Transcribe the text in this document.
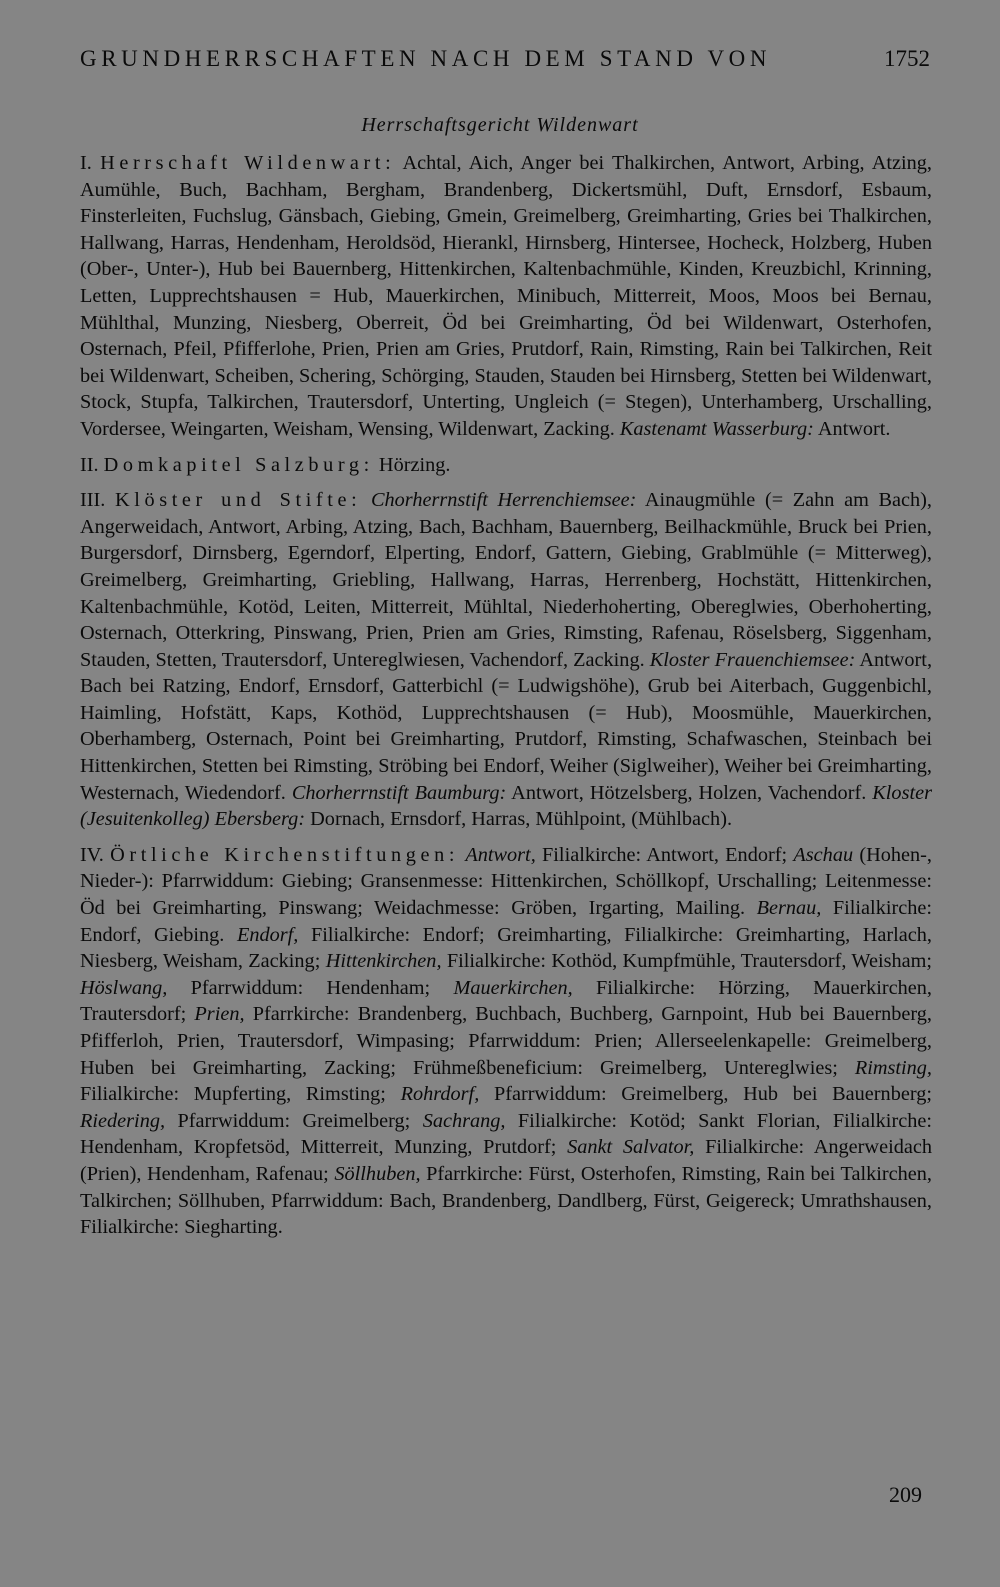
GRUNDHERRSCHAFTEN NACH DEM STAND VON	1752
Herrschaftsgericht Wildenwart

I. Herrschaft Wildenwart: Achtal, Aich, Anger bei Thalkirchen, Antwort, Arbing, Atzing, Aumühle, Buch, Bachham, Bergham, Brandenberg, Dickertsmühl, Duft, Ernsdorf, Esbaum, Finsterleiten, Fuchslug, Gänsbach, Giebing, Gmein, Greimelberg, Greimharting, Gries bei Thalkirchen, Hallwang, Harras, Hendenham, Heroldsöd, Hierankl, Hirnsberg, Hintersee, Hocheck, Holzberg, Huben (Ober-, Unter-), Hub bei Bauernberg, Hittenkirchen, Kaltenbachmühle, Kinden, Kreuzbichl, Krinning, Letten, Lupprechtshausen = Hub, Mauerkirchen, Minibuch, Mitterreit, Moos, Moos bei Bernau, Mühlthal, Munzing, Niesberg, Oberreit, Öd bei Greimharting, Öd bei Wildenwart, Osterhofen, Osternach, Pfeil, Pfifferlohe, Prien, Prien am Gries, Prutdorf, Rain, Rimsting, Rain bei Talkirchen, Reit bei Wildenwart, Scheiben, Schering, Schörging, Stauden, Stauden bei Hirnsberg, Stetten bei Wildenwart, Stock, Stupfa, Talkirchen, Trautersdorf, Unterting, Ungleich (= Stegen), Unterhamberg, Urschalling, Vordersee, Weingarten, Weisham, Wensing, Wildenwart, Zacking. Kastenamt Wasserburg: Antwort.

II. Domkapitel Salzburg: Hörzing.

III. Klöster und Stifte: Chorherrnstift Herrenchiemsee: Ainaugmühle (= Zahn am Bach), Angerweidach, Antwort, Arbing, Atzing, Bach, Bachham, Bauernberg, Beilhackmühle, Bruck bei Prien, Burgersdorf, Dirnsberg, Egerndorf, Elperting, Endorf, Gattern, Giebing, Grablmühle (= Mitterweg), Greimelberg, Greimharting, Griebling, Hallwang, Harras, Herrenberg, Hochstätt, Hittenkirchen, Kaltenbachmühle, Kotöd, Leiten, Mitterreit, Mühltal, Niederhoherting, Obereglwies, Oberhoherting, Osternach, Otterkring, Pinswang, Prien, Prien am Gries, Rimsting, Rafenau, Röselsberg, Siggenham, Stauden, Stetten, Trautersdorf, Untereglwiesen, Vachendorf, Zacking. Kloster Frauenchiemsee: Antwort, Bach bei Ratzing, Endorf, Ernsdorf, Gatterbichl (= Ludwigshöhe), Grub bei Aiterbach, Guggenbichl, Haimling, Hofstätt, Kaps, Kothöd, Lupprechtshausen (= Hub), Moosmühle, Mauerkirchen, Oberhamberg, Osternach, Point bei Greimharting, Prutdorf, Rimsting, Schafwaschen, Steinbach bei Hittenkirchen, Stetten bei Rimsting, Ströbing bei Endorf, Weiher (Siglweiher), Weiher bei Greimharting, Westernach, Wiedendorf. Chorherrnstift Baumburg: Antwort, Hötzelsberg, Holzen, Vachendorf. Kloster (Jesuitenkolleg) Ebersberg: Dornach, Ernsdorf, Harras, Mühlpoint, (Mühlbach).

IV. Örtliche Kirchenstiftungen: Antwort, Filialkirche: Antwort, Endorf; Aschau (Hohen-, Nieder-): Pfarrwiddum: Giebing; Gransenmesse: Hittenkirchen, Schöllkopf, Urschalling; Leitenmesse: Öd bei Greimharting, Pinswang; Weidachmesse: Gröben, Irgarting, Mailing. Bernau, Filialkirche: Endorf, Giebing. Endorf, Filialkirche: Endorf; Greimharting, Filialkirche: Greimharting, Harlach, Niesberg, Weisham, Zacking; Hittenkirchen, Filialkirche: Kothöd, Kumpfmühle, Trautersdorf, Weisham; Höslwang, Pfarrwiddum: Hendenham; Mauerkirchen, Filialkirche: Hörzing, Mauerkirchen, Trautersdorf; Prien, Pfarrkirche: Brandenberg, Buchbach, Buchberg, Garnpoint, Hub bei Bauernberg, Pfifferloh, Prien, Trautersdorf, Wimpasing; Pfarrwiddum: Prien; Allerseelenkapelle: Greimelberg, Huben bei Greimharting, Zacking; Frühmeßbeneficium: Greimelberg, Untereglwies; Rimsting, Filialkirche: Mupferting, Rimsting; Rohrdorf, Pfarrwiddum: Greimelberg, Hub bei Bauernberg; Riedering, Pfarrwiddum: Greimelberg; Sachrang, Filialkirche: Kotöd; Sankt Florian, Filialkirche: Hendenham, Kropfetsöd, Mitterreit, Munzing, Prutdorf; Sankt Salvator, Filialkirche: Angerweidach (Prien), Hendenham, Rafenau; Söllhuben, Pfarrkirche: Fürst, Osterhofen, Rimsting, Rain bei Talkirchen, Talkirchen; Söllhuben, Pfarrwiddum: Bach, Brandenberg, Dandlberg, Fürst, Geigereck; Umrathshausen, Filialkirche: Siegharting.

209
